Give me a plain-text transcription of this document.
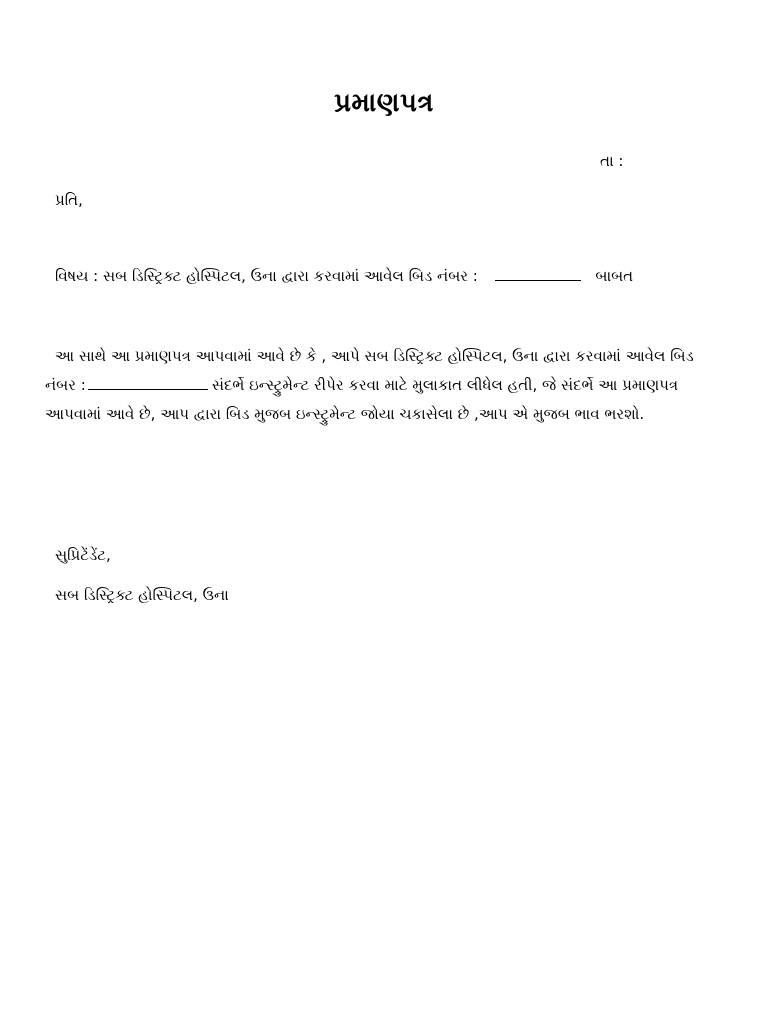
પ્રમાણપત્ર
તા :
પ્રતિ,
વિષય : સબ ડિસ્ટ્રિક્ટ હોસ્પિટલ, ઉના દ્વારા કરવામાં આવેલ બિડ નંબર :	બાબત
આ સાથે આ પ્રમાણપત્ર આપવામાં આવે છે કે , આપે સબ ડિસ્ટ્રિક્ટ હોસ્પિટલ, ઉના દ્વારા કરવામાં આવેલ બિડ નંબર :	સંદર્ભે ઇન્સ્ટ્રુમેન્ટ રીપેર કરવા માટે મુલાકાત લીધેલ હતી, જે સંદર્ભે આ પ્રમાણપત્ર આપવામાં આવે છે, આપ દ્વારા બિડ મુજબ ઇન્સ્ટ્રુમેન્ટ જોયા ચકાસેલા છે ,આપ એ મુજબ ભાવ ભરશો.
સુપ્રિટેંડેંટ,
સબ ડિસ્ટ્રિક્ટ હોસ્પિટલ, ઉના
